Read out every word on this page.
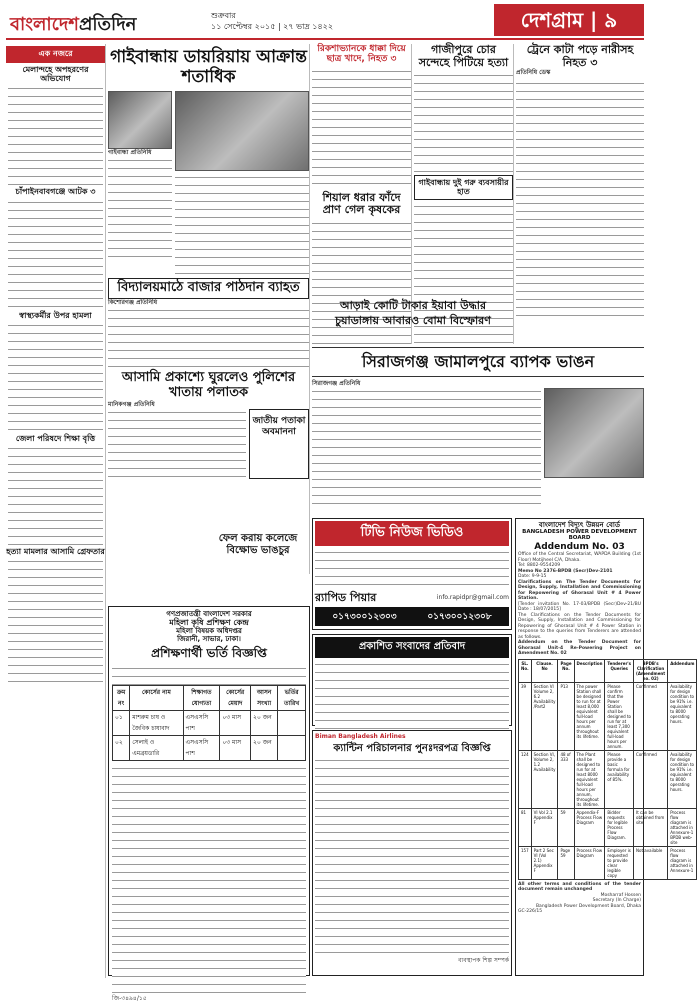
বাংলাদেশপ্রতিদিন	শুক্রবার
১১ সেপ্টেম্বর ২০১৫ | ২৭ ভাদ্র ১৪২২	দেশগ্রাম | ৯
এক নজরে
মেলান্দহে অপহরণের অভিযোগ
চাঁপাইনবাবগঞ্জে আটক ৩
স্বাস্থ্যকর্মীর উপর হামলা
জেলা পরিষদে শিক্ষা বৃত্তি
হত্যা মামলার আসামি গ্রেফতার
গাইবান্ধায় ডায়রিয়ায় আক্রান্ত শতাধিক
গাইবান্ধা প্রতিনিধি
বিদ্যালয়মাঠে বাজার পাঠদান ব্যাহত
কিশোরগঞ্জ প্রতিনিধি
আসামি প্রকাশ্যে ঘুরলেও পুলিশের খাতায় পলাতক
মানিকগঞ্জ প্রতিনিধি
জাতীয় পতাকা অবমাননা
রিকশাভ্যানকে ধাক্কা দিয়ে ছাত্র খাদে, নিহত ৩
শিয়াল ধরার ফাঁদে প্রাণ গেল কৃষকের
গাজীপুরে চোর সন্দেহে পিটিয়ে হত্যা
গাইবান্ধায় দুই গরু ব্যবসায়ীর হাত
ট্রেনে কাটা পড়ে নারীসহ নিহত ৩
প্রতিনিধি ডেস্ক
সিরাজগঞ্জ জামালপুরে ব্যাপক ভাঙন
সিরাজগঞ্জ প্রতিনিধি
আড়াই কোটি টাকার ইয়াবা উদ্ধার
চুয়াডাঙ্গায় আবারও বোমা বিস্ফোরণ
ফেল করায় কলেজে বিক্ষোভ ভাঙচুর
গণপ্রজাতন্ত্রী বাংলাদেশ সরকার
মহিলা কৃষি প্রশিক্ষণ কেন্দ্র
মহিলা বিষয়ক অধিদপ্তর
জিরানী, সাভার, ঢাকা।
প্রশিক্ষণার্থী ভর্তি বিজ্ঞপ্তি
ক্রম নং	কোর্সের নাম	শিক্ষাগত যোগ্যতা	কোর্সের মেয়াদ	আসন সংখ্যা	ভর্তির তারিখ
০১	মাশরুম চাষ ও জৈবিক চাষাবাদ	এসএসসি পাশ	০৩ মাস	২০ জন	
০২	সেলাই ও এমব্রয়ডারি	এসএসসি পাশ	০৩ মাস	২০ জন	
জি-৩৪৯৪/১৫
টিভি নিউজ ভিডিও
র‍্যাপিড পিয়ার	info.rapidpr@gmail.com
০১৭৩০০১২৩০৩	০১৭৩০০১২৩০৮
প্রকাশিত সংবাদের প্রতিবাদ
Biman Bangladesh Airlines
ক্যান্টিন পরিচালনার পুনঃদরপত্র বিজ্ঞপ্তি
ব্যবস্থাপক শিল্প সম্পর্ক
বাংলাদেশ বিদ্যুৎ উন্নয়ন বোর্ড
BANGLADESH POWER DEVELOPMENT BOARD
Addendum No. 03
Office of the Central Secretariat, WAPDA Building (1st Floor) Motijheel C/A, Dhaka.
Tel: 8802-9554209
Memo No 2376-BPDB (Secr)Dev-2101
Date: 9-9-15
Clarifications on The Tender Documents for Design, Supply, Installation and Commissioning for Repowering of Ghorasal Unit # 4 Power Station.
[Tender invitation No. 17-03/BPDB (Secr)Dev-21/BU Date : 18/07/2015]
The Clarifications on the Tender Documents for Design, Supply, Installation and Commissioning for Repowering of Ghorasal Unit # 4 Power Station in response to the queries from Tenderers are attended as follows.
Addendum on the Tender Document for Ghorasal Unit-4 Re-Powering Project on Amendment No. 02
SL. No.	Clause. No	Page No.	Description	Tenderer's Queries	BPDB's Clarification (Amendment no. 02)	Addendum
39	Section VI Volume 2, 6.2 Availability /Part2	P13	The power Station shall be designed to run for at least 8,000 equivalent full-load hours per annum throughout its lifetime.	Please confirm that the Power Station shall be designed to run for at least 7,300 equivalent full-load hours per annum.	Confirmed	Availability for design condition to be 91% i.e. equivalent to 8000 operating hours.
124	Section VI, Volume 2, 1.2 Availability	48 of 333	The Plant shall be designed to run for at least 8000 equivalent full-load hours per annum, throughout its lifetime.	Please provide a basic formula for availability of 85%.	Confirmed	Availability for design condition to be 91% i.e. equivalent to 8000 operating hours.
81	VI Vol 2.1 Appendix F	59	Appendix-F Process Flow Diagram	Bidder requests for legible Process Flow Diagram.	It can be obtained from site	Process flow diagram is attached in Annexure-1 BPDB web-site
157	Part 2 Sec VI (Vol 2.1) Appendix F	Page 59	Process Flow Diagram	Employer is requested to provide clear legible copy	Not available	Process flow diagram is attached in Annexure-1
All other terms and conditions of the tender document remain unchanged
Mosharraf Hossen
Secretary (In Charge)
Bangladesh Power Development Board, Dhaka
GC-226/15
